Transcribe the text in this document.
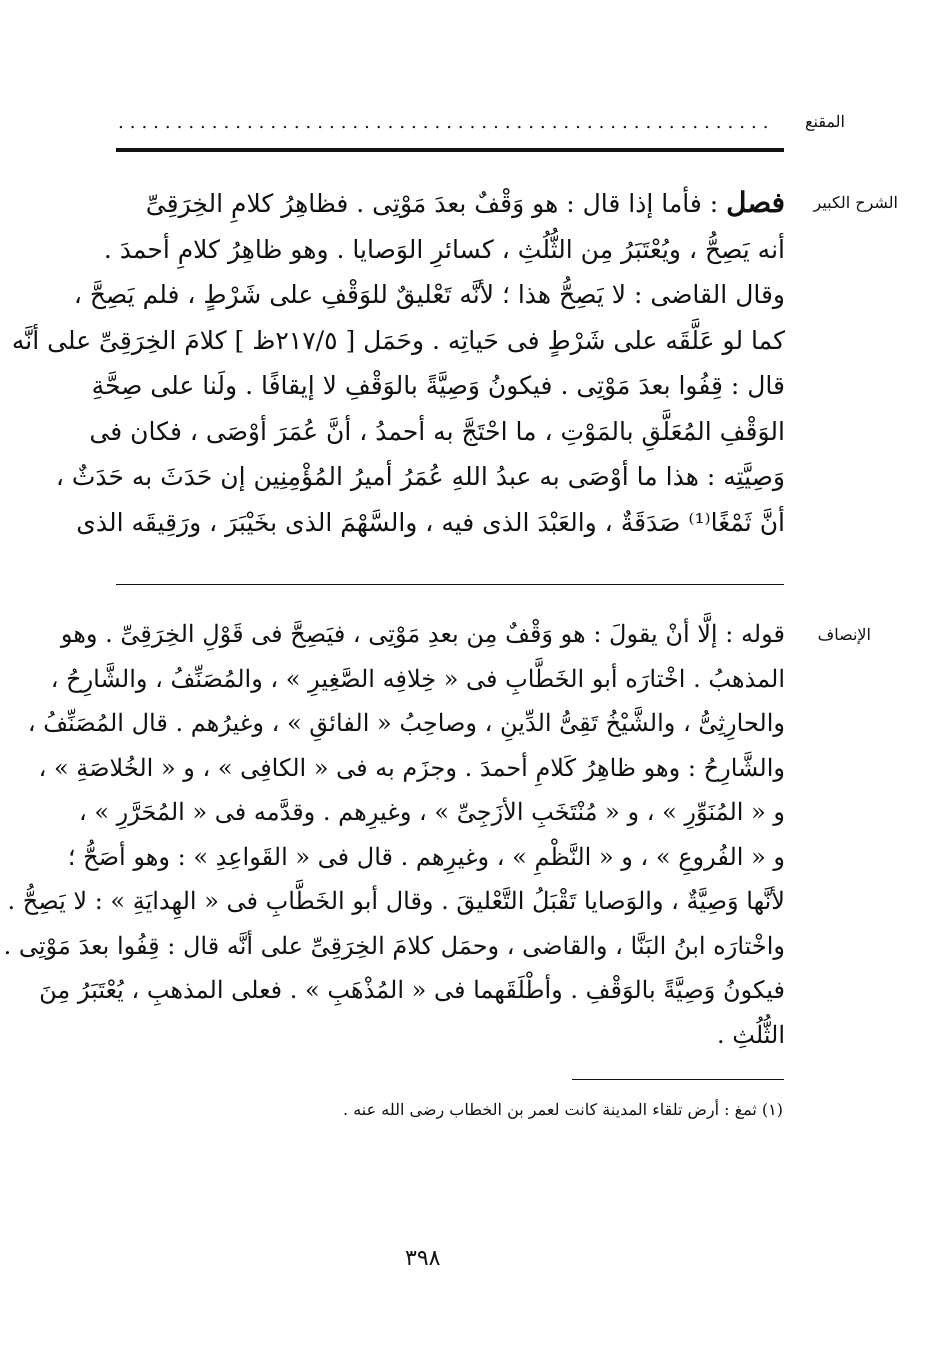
المقنع
........................................................
الشرح الكبير
فصل : فأما إذا قال : هو وَقْفٌ بعدَ مَوْتِى . فظاهِرُ كلامِ الخِرَقِىِّ
أنه يَصِحُّ ، ويُعْتَبَرُ مِن الثُّلُثِ ، كسائرِ الوَصايا . وهو ظاهِرُ كلامِ أحمدَ .
وقال القاضى : لا يَصِحُّ هذا ؛ لأنَّه تَعْليقٌ للوَقْفِ على شَرْطٍ ، فلم يَصِحَّ ،
كما لو عَلَّقَه على شَرْطٍ فى حَياتِه . وحَمَل [ ٢١٧/٥ظ ] كلامَ الخِرَقِىِّ على أنَّه
قال : قِفُوا بعدَ مَوْتِى . فيكونُ وَصِيَّةً بالوَقْفِ لا إيقافًا . ولَنا على صِحَّةِ
الوَقْفِ المُعَلَّقِ بالمَوْتِ ، ما احْتَجَّ به أحمدُ ، أنَّ عُمَرَ أوْصَى ، فكان فى
وَصِيَّتِه : هذا ما أوْصَى به عبدُ اللهِ عُمَرُ أميرُ المُؤْمِنِين إن حَدَثَ به حَدَثٌ ،
أنَّ ثَمْغًا⁽¹⁾ صَدَقَةٌ ، والعَبْدَ الذى فيه ، والسَّهْمَ الذى بخَيْبَرَ ، ورَقِيقَه الذى
الإنصاف
قوله : إلَّا أنْ يقولَ : هو وَقْفٌ مِن بعدِ مَوْتِى ، فيَصِحَّ فى قَوْلِ الخِرَقِىِّ . وهو
المذهبُ . اخْتارَه أبو الخَطَّابِ فى « خِلافِه الصَّغِيرِ » ، والمُصَنِّفُ ، والشَّارِحُ ،
والحارِثِىُّ ، والشَّيْخُ تَقِىُّ الدِّينِ ، وصاحِبُ « الفائقِ » ، وغيرُهم . قال المُصَنِّفُ ،
والشَّارِحُ : وهو ظاهِرُ كَلامِ أحمدَ . وجزَم به فى « الكافِى » ، و « الخُلاصَةِ » ،
و « المُنَوِّرِ » ، و « مُنْتَخَبِ الأزَجِىِّ » ، وغيرِهم . وقدَّمه فى « المُحَرَّرِ » ،
و « الفُروعِ » ، و « النَّظْمِ » ، وغيرِهم . قال فى « القَواعِدِ » : وهو أصَحُّ ؛
لأنَّها وَصِيَّةٌ ، والوَصايا تَقْبَلُ التَّعْليقَ . وقال أبو الخَطَّابِ فى « الهِدايَةِ » : لا يَصِحُّ .
واخْتارَه ابنُ البَنَّا ، والقاضى ، وحمَل كلامَ الخِرَقِىِّ على أنَّه قال : قِفُوا بعدَ مَوْتِى .
فيكونُ وَصِيَّةً بالوَقْفِ . وأطْلَقَهما فى « المُذْهَبِ » . فعلى المذهبِ ، يُعْتَبَرُ مِنَ
الثُّلُثِ .
(١) ثمغ : أرض تلقاء المدينة كانت لعمر بن الخطاب رضى الله عنه .
٣٩٨
